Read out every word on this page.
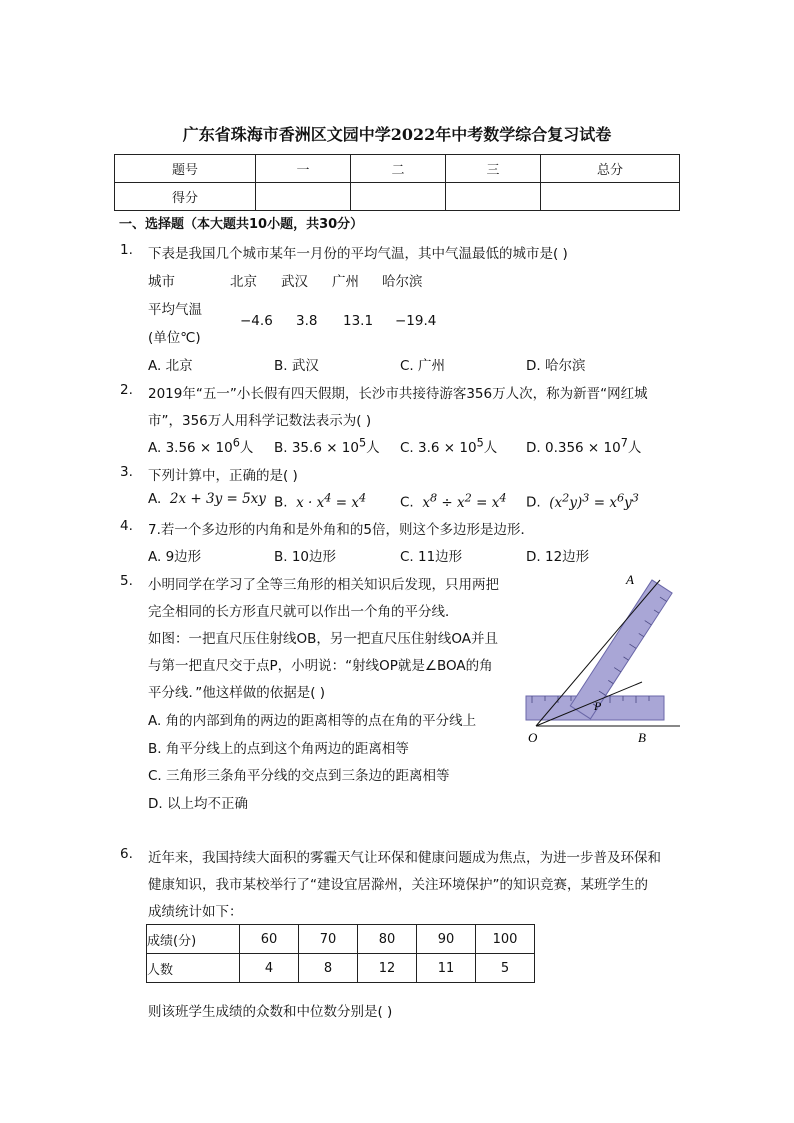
广东省珠海市香洲区文园中学2022年中考数学综合复习试卷
题号	一	二	三	总分
得分				
一、选择题（本大题共10小题，共30分）
1. 下表是我国几个城市某年一月份的平均气温，其中气温最低的城市是( )
城市	北京 武汉 广州 哈尔滨
平均气温
(单位℃)
−4.6 3.8 13.1 −19.4
A. 北京	B. 武汉	C. 广州	D. 哈尔滨
2. 2019年“五一”小长假有四天假期，长沙市共接待游客356万人次，称为新晋“网红城
市”，356万人用科学记数法表示为( )
A. $3.56 \times 10^6$人 B. $35.6 \times 10^5$人 C. $3.6 \times 10^5$人 D. $0.356 \times 10^7$人
3. 下列计算中，正确的是( )
A. 2x + 3y = 5xy B. $x \cdot x^4 = x^4$	C. $x^8 \div x^2 = x^4$ D. $(x^2y)^3 = x^6y^3$
4. 7.若一个多边形的内角和是外角和的5倍，则这个多边形是边形．
A. 9边形	B. 10边形	C. 11边形	D. 12边形
5. 小明同学在学习了全等三角形的相关知识后发现，只用两把
完全相同的长方形直尺就可以作出一个角的平分线．
如图：一把直尺压住射线OB，另一把直尺压住射线OA并且
与第一把直尺交于点P，小明说：“射线OP就是∠BOA的角
平分线．”他这样做的依据是( )
A. 角的内部到角的两边的距离相等的点在角的平分线上
B. 角平分线上的点到这个角两边的距离相等
C. 三角形三条角平分线的交点到三条边的距离相等
D. 以上均不正确
A
O	B
P
6. 近年来，我国持续大面积的雾霾天气让环保和健康问题成为焦点，为进一步普及环保和
健康知识，我市某校举行了“建设宜居滁州，关注环境保护”的知识竞赛，某班学生的
成绩统计如下：
成绩(分)	60	70	80	90	100
人数	4	8	12	11	5
则该班学生成绩的众数和中位数分别是( )
